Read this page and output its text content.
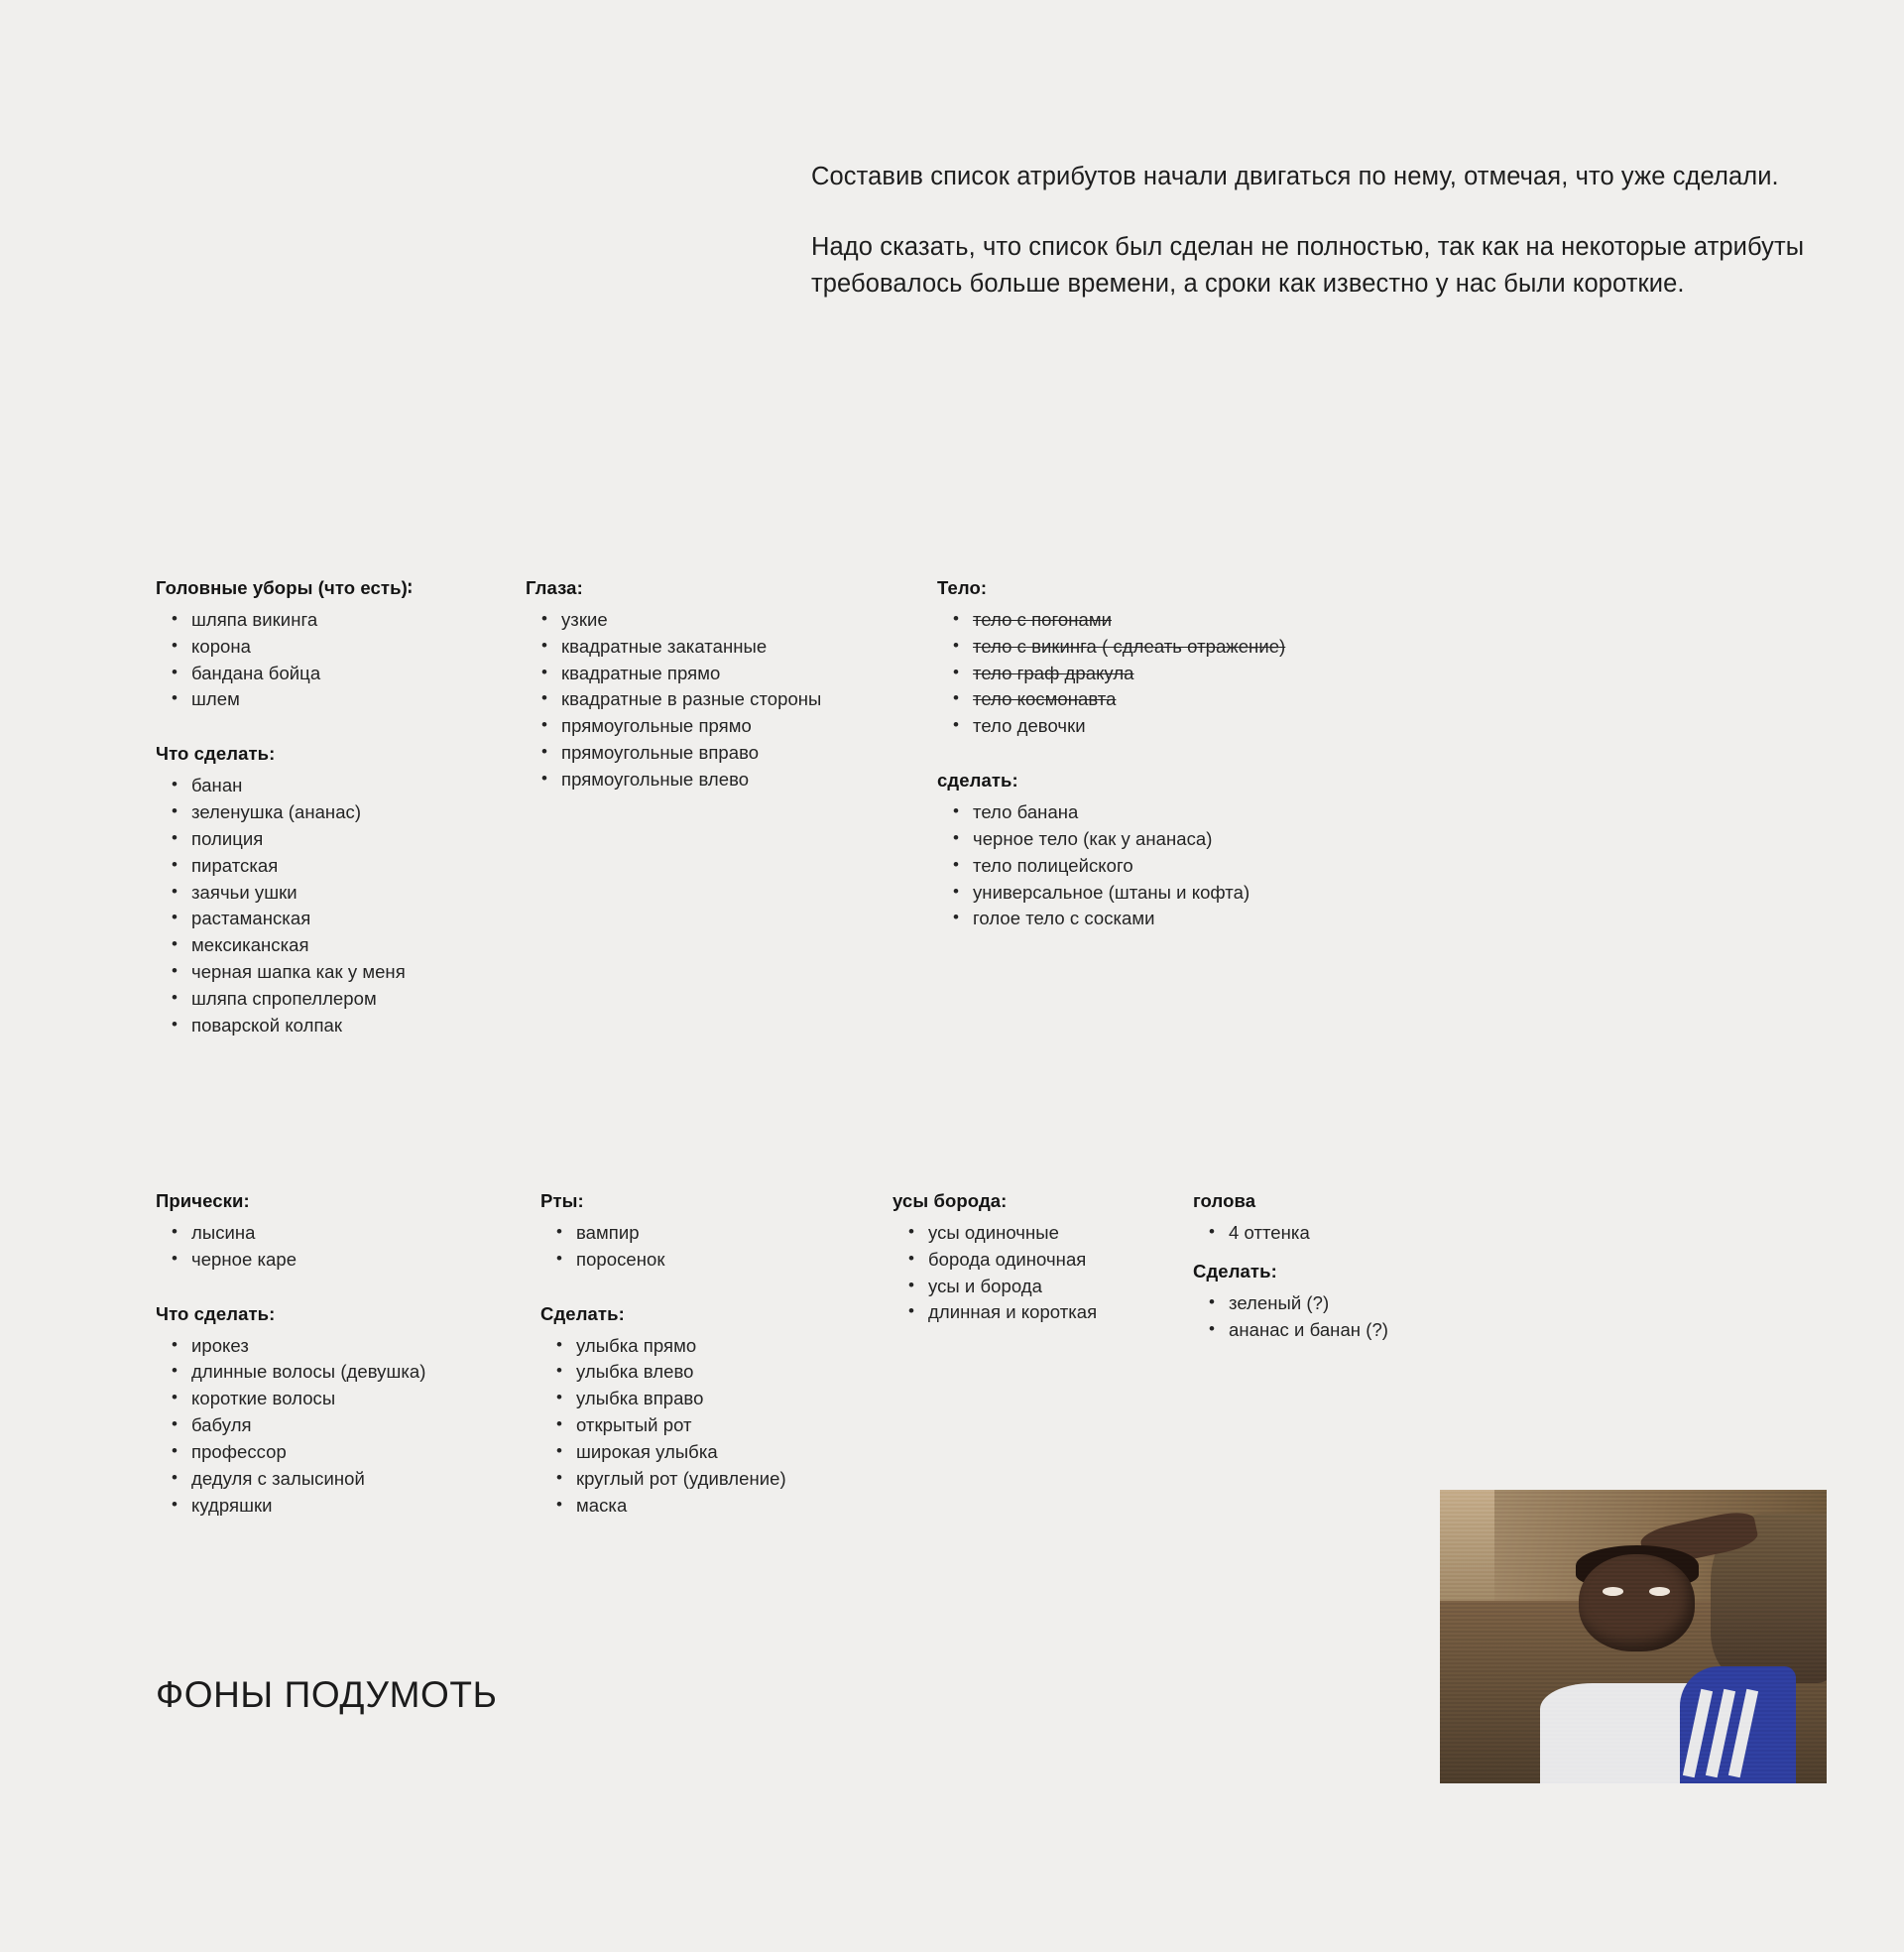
Составив список атрибутов начали двигаться по нему, отмечая, что уже сделали.

Надо сказать, что список был сделан не полностью, так как на некоторые атрибуты требовалось больше времени, а сроки как известно у нас были короткие.

Головные уборы (что есть)∶
• шляпа викинга
• корона
• бандана бойца
• шлем
Что сделать:
• банан
• зеленушка (ананас)
• полиция
• пиратская
• заячьи ушки
• растаманская
• мексиканская
• черная шапка как у меня
• шляпа спропеллером
• поварской колпак
Глаза:
• узкие
• квадратные закатанные
• квадратные прямо
• квадратные в разные стороны
• прямоугольные прямо
• прямоугольные вправо
• прямоугольные влево
Тело:
• тело с погонами
• тело с викинга ( сдлеать отражение)
• тело граф дракула
• тело космонавта
• тело девочки
сделать:
• тело банана
• черное тело (как у ананаса)
• тело полицейского
• универсальное (штаны и кофта)
• голое тело с сосками
Прически:
• лысина
• черное каре
Что сделать:
• ирокез
• длинные волосы (девушка)
• короткие волосы
• бабуля
• профессор
• дедуля с залысиной
• кудряшки
Рты:
• вампир
• поросенок
Сделать:
• улыбка прямо
• улыбка влево
• улыбка вправо
• открытый рот
• широкая улыбка
• круглый рот (удивление)
• маска
усы борода:
• усы одиночные
• борода одиночная
• усы и борода
• длинная и короткая
голова
• 4 оттенка
Сделать:
• зеленый (?)
• ананас и банан (?)
ФОНЫ ПОДУМОТЬ
